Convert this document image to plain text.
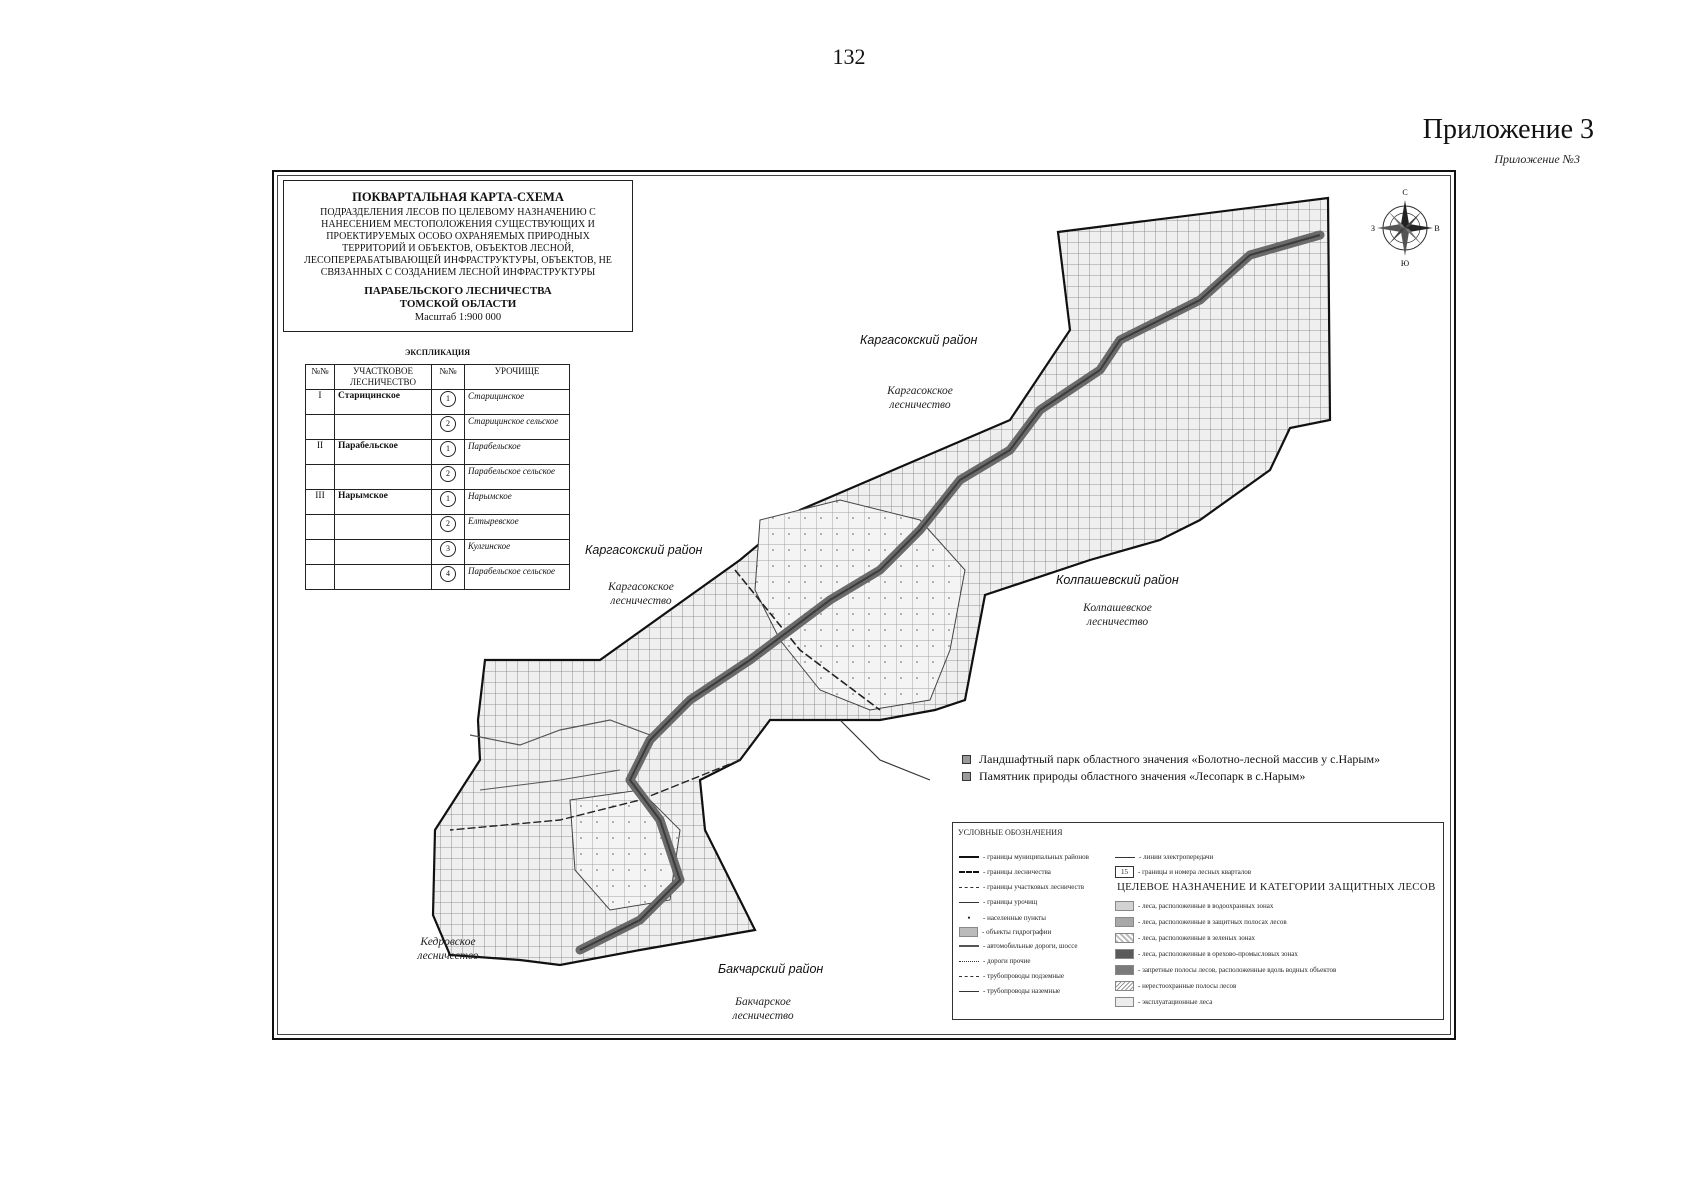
132
Приложение 3
Приложение №3
ПОКВАРТАЛЬНАЯ КАРТА-СХЕМА
ПОДРАЗДЕЛЕНИЯ ЛЕСОВ ПО ЦЕЛЕВОМУ НАЗНАЧЕНИЮ С НАНЕСЕНИЕМ МЕСТОПОЛОЖЕНИЯ СУЩЕСТВУЮЩИХ И ПРОЕКТИРУЕМЫХ ОСОБО ОХРАНЯЕМЫХ ПРИРОДНЫХ ТЕРРИТОРИЙ И ОБЪЕКТОВ, ОБЪЕКТОВ ЛЕСНОЙ, ЛЕСОПЕРЕРАБАТЫВАЮЩЕЙ ИНФРАСТРУКТУРЫ, ОБЪЕКТОВ, НЕ СВЯЗАННЫХ С СОЗДАНИЕМ ЛЕСНОЙ ИНФРАСТРУКТУРЫ
ПАРАБЕЛЬСКОГО ЛЕСНИЧЕСТВА
ТОМСКОЙ ОБЛАСТИ
Масштаб 1:900 000
ЭКСПЛИКАЦИЯ
№№	УЧАСТКОВОЕ ЛЕСНИЧЕСТВО	№№	УРОЧИЩЕ
I	Старицинское	1	Старицинское
		2	Старицинское сельское
II	Парабельское	1	Парабельское
		2	Парабельское сельское
III	Нарымское	1	Нарымское
		2	Елтыревское
		3	Кулгинское
		4	Парабельское сельское
С
Ю
З	В
Каргасокский район
Каргасокское лесничество
Каргасокский район
Каргасокское лесничество
Колпашевский район
Колпашевское лесничество
Кедровское лесничество
Бакчарский район
Бакчарское лесничество
Ландшафтный парк областного значения «Болотно-лесной массив у с.Нарым»
Памятник природы областного значения «Лесопарк в с.Нарым»
УСЛОВНЫЕ ОБОЗНАЧЕНИЯ
- границы муниципальных районов
- границы лесничества
- границы участковых лесничеств
- границы урочищ
•	- населенные пункты
- объекты гидрографии
- автомобильные дороги, шоссе
- дороги прочие
- трубопроводы подземные
- трубопроводы наземные
- линии электропередачи
15	- границы и номера лесных кварталов
ЦЕЛЕВОЕ НАЗНАЧЕНИЕ И КАТЕГОРИИ ЗАЩИТНЫХ ЛЕСОВ
- леса, расположенные в водоохранных зонах
- леса, расположенные в защитных полосах лесов
- леса, расположенные в зеленых зонах
- леса, расположенные в орехово-промысловых зонах
- запретные полосы лесов, расположенные вдоль водных объектов
- нерестоохранные полосы лесов
- эксплуатационные леса
